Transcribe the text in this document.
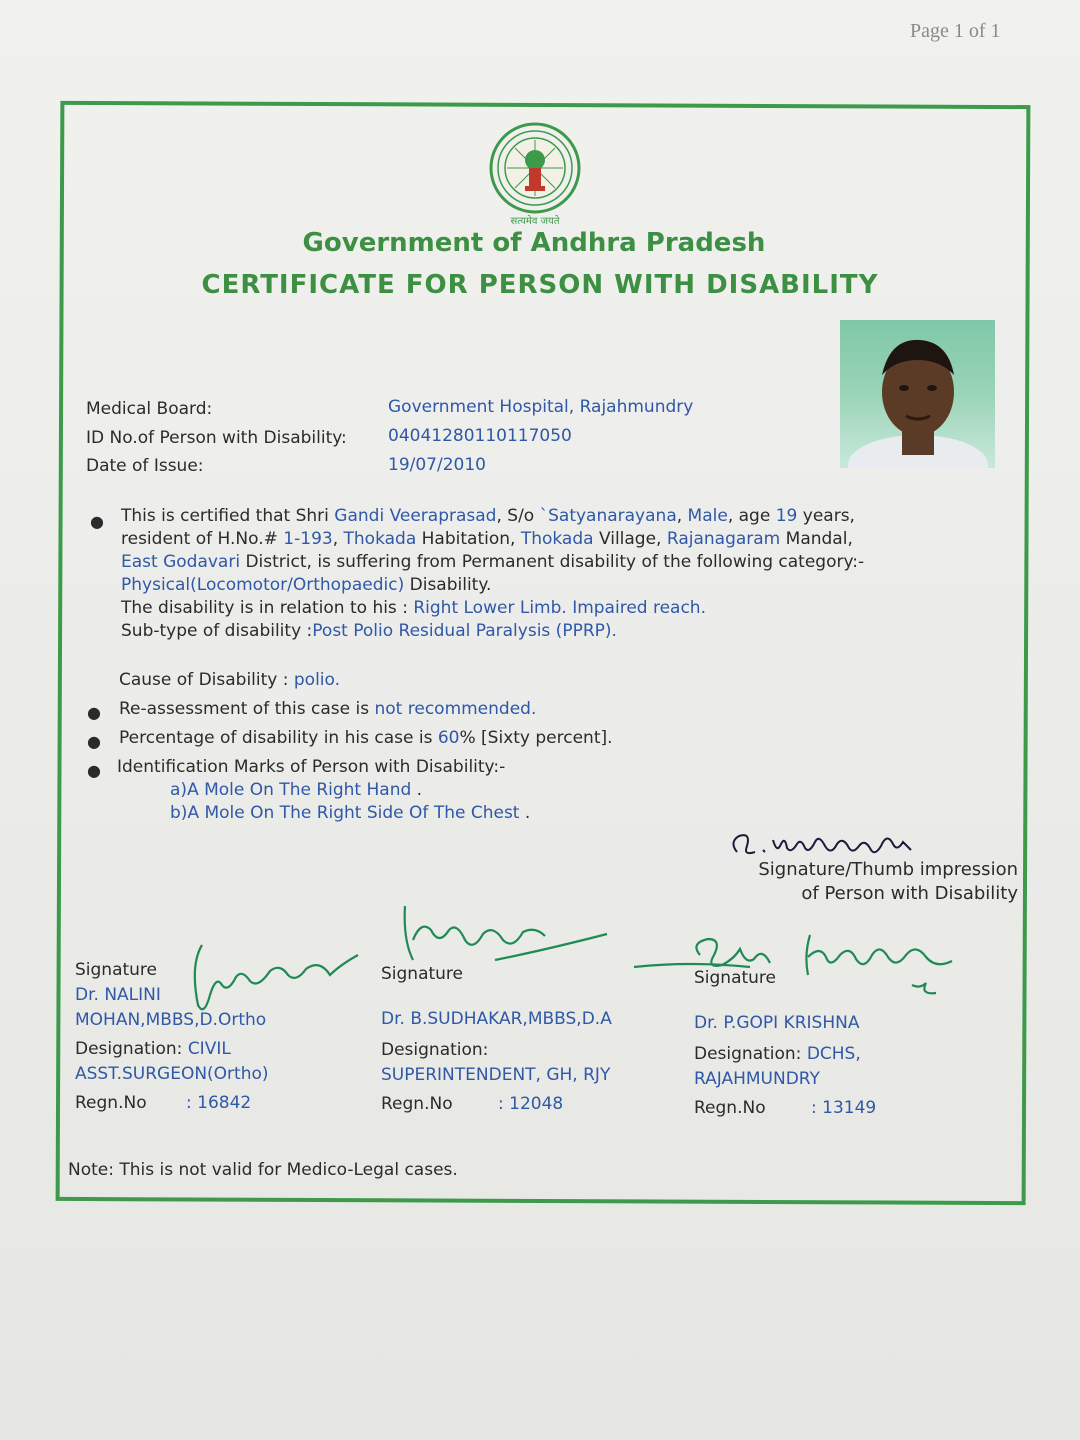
Page 1 of 1
सत्यमेव जयते
Government of Andhra Pradesh
CERTIFICATE FOR PERSON WITH DISABILITY
Medical Board:	Government Hospital, Rajahmundry
ID No.of Person with Disability: 04041280110117050
Date of Issue:	19/07/2010
● This is certified that Shri Gandi Veeraprasad, S/o `Satyanarayana, Male, age 19 years,
resident of H.No.# 1-193, Thokada Habitation, Thokada Village, Rajanagaram Mandal,
East Godavari District, is suffering from Permanent disability of the following category:-
Physical(Locomotor/Orthopaedic) Disability.
The disability is in relation to his : Right Lower Limb. Impaired reach.
Sub-type of disability :Post Polio Residual Paralysis (PPRP).
Cause of Disability : polio.
● Re-assessment of this case is not recommended.
● Percentage of disability in his case is 60% [Sixty percent].
● Identification Marks of Person with Disability:-
a)A Mole On The Right Hand .
b)A Mole On The Right Side Of The Chest .
Signature/Thumb impression
of Person with Disability
Signature
Dr. NALINI
MOHAN,MBBS,D.Ortho
Designation: CIVIL
ASST.SURGEON(Ortho)
Regn.No : 16842
Signature
Dr. B.SUDHAKAR,MBBS,D.A
Designation:
SUPERINTENDENT, GH, RJY
Regn.No	: 12048
Signature
Dr. P.GOPI KRISHNA
Designation: DCHS,
RAJAHMUNDRY
Regn.No	: 13149
Note: This is not valid for Medico-Legal cases.
